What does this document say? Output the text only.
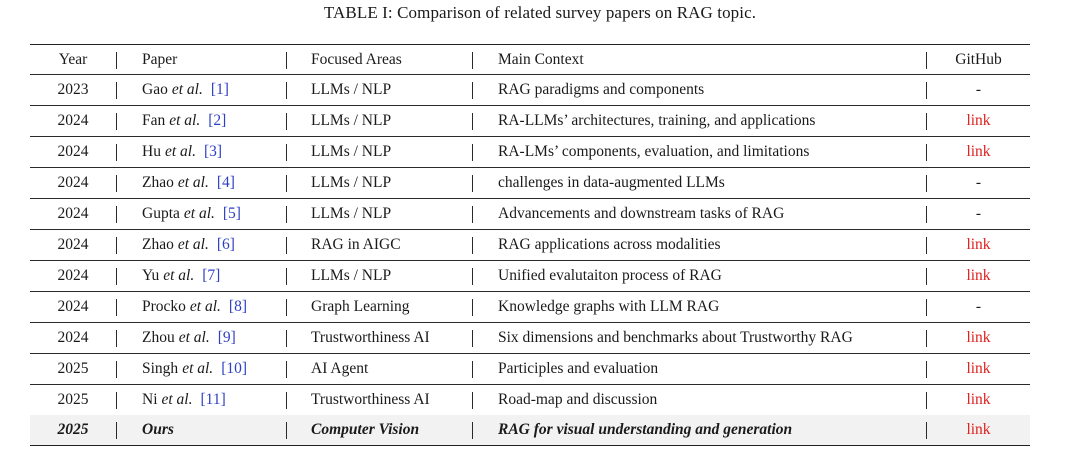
TABLE I: Comparison of related survey papers on RAG topic.
Year	Paper	Focused Areas	Main Context	GitHub
2023	Gao et al. [1]	LLMs / NLP	RAG paradigms and components	-
2024	Fan et al. [2]	LLMs / NLP	RA-LLMs’ architectures, training, and applications	link
2024	Hu et al. [3]	LLMs / NLP	RA-LMs’ components, evaluation, and limitations	link
2024	Zhao et al. [4]	LLMs / NLP	challenges in data-augmented LLMs	-
2024	Gupta et al. [5]	LLMs / NLP	Advancements and downstream tasks of RAG	-
2024	Zhao et al. [6]	RAG in AIGC	RAG applications across modalities	link
2024	Yu et al. [7]	LLMs / NLP	Unified evalutaiton process of RAG	link
2024	Procko et al. [8]	Graph Learning	Knowledge graphs with LLM RAG	-
2024	Zhou et al. [9]	Trustworthiness AI	Six dimensions and benchmarks about Trustworthy RAG	link
2025	Singh et al. [10]	AI Agent	Participles and evaluation	link
2025	Ni et al. [11]	Trustworthiness AI	Road-map and discussion	link
2025	Ours	Computer Vision	RAG for visual understanding and generation	link
